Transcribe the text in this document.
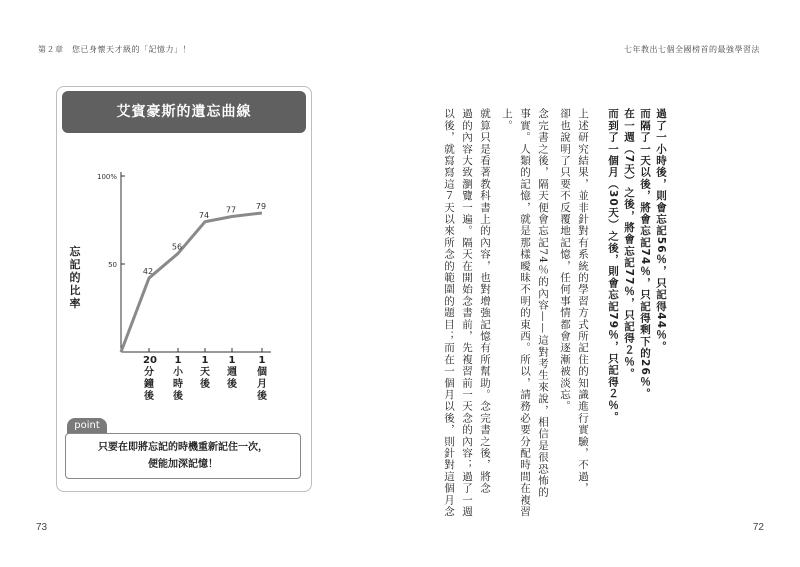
第２章　您已身懷天才級的「記憶力」！	七年教出七個全國榜首的最強學習法
艾賓豪斯的遺忘曲線
忘
記
的
比
率
50
100%
42
56
74
77 79
20
分
鐘
後
1
小
時
後
1
天
後
1
週
後
1
個
月
後
point
只要在即將忘記的時機重新記住一次，
便能加深記憶！
過了一小時後，則會忘記56％，只記得44％。
而隔了一天以後，將會忘記74％，只記得剩下的26％。
在一週（7天）之後，將會忘記77％，只記得２％。
而到了一個月（30天）之後，則會忘記79％，只記得２％。
上述研究結果，並非針對有系統的學習方式所記住的知識進行實驗，不過，
卻也說明了只要不反覆地記憶，任何事情都會逐漸被淡忘。
念完書之後，隔天便會忘記74％的內容——這對考生來說，相信是很恐怖的
事實。人類的記憶，就是那樣曖昧不明的東西。所以，請務必要分配時間在複習
上。
就算只是看著教科書上的內容，也對增強記憶有所幫助。念完書之後，將念
過的內容大致瀏覽一遍。隔天在開始念書前，先複習前一天念的內容；過了一週
以後，就寫寫這７天以來所念的範圍的題目；而在一個月以後，則針對這個月念
73	72
